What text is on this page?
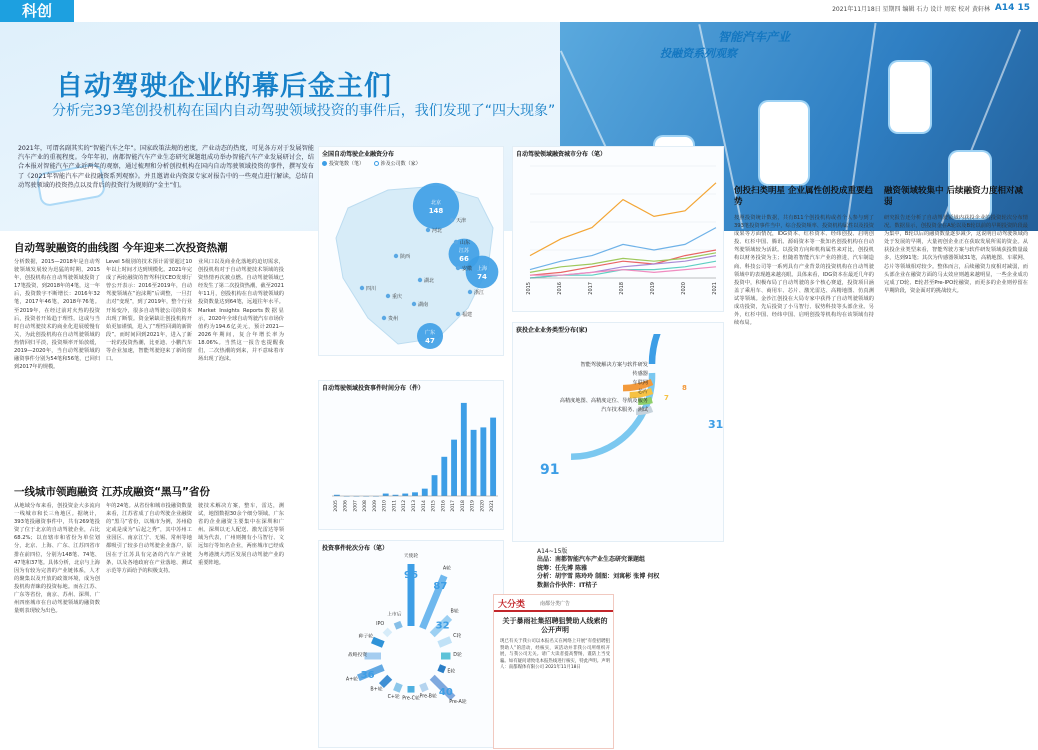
科创	2021年11月18日 星期四 编辑 石力 设计 周宏 校对 黄轩林 A14 15
智能汽车产业
投融资系列观察
自动驾驶企业的幕后金主们
分析完393笔创投机构在国内自动驾驶领域投资的事件后，我们发现了“四大现象”
2021年，可谓名副其实的“智能汽车之年”。国家政策法规的密度，产业动态的热度，可见各方对于发展智能汽车产业的重视程度。今年年初，南都智能汽车产业生态研究课题组成功举办智能汽车产业发展研讨会，结合本报对智能汽车产业近两年的观察，通过梳理和分析创投机构在国内自动驾驶领域投资的事件，撰写发布了《2021年智能汽车产业投融资系列观察》。并且邀请业内资深专家对报告中的一些观点进行解读，总结自动驾驶领域的投资热点以及背后的投资行为规则的“金主”们。
自动驾驶融资的曲线图 今年迎来二次投资热潮
分析数据，2015—2018年是自动驾驶领域发展较为迅猛的时期，2015年，创投机构在自动驾驶领域投资了17笔投资，到2018年的4笔，这一年后，投资数字不断增长：2016年32笔，2017年46笔，2018年76笔。至2019年，在经过前对火热的投资后，投资者开始趋于理性。这或与当时自动驾驶技术的商业化进展缓慢有关，为此创投机构在自动驾驶领域的热情回归平淡，投资频率开始放缓，2019—2020年，当自动驾驶领域的融资事件分别为54笔和56笔，已回归到2017年的规模。
Level 5级别的技术预计需要超过10年以上时间才达到规模化。2021年完成了两轮融资的智驾科技CEO发球厅曾公开表示：2016至2019年，自动驾驶领域在“泡沫期”后调整，一旦打击对“变现”，到了2019年，整个行业开始变冷，很多自动驾驶公司的资本出现了断裂。资金紧缺让创投机构开始更加谨慎，进入了“理性回调的新阶段”。而时间回到2021年，进入了新一轮的投资热潮，比亚迪、小鹏汽车等企业加速，智能驾驶迎来了新的窗口。
业风口以及商业化落地的迫切需求，创投机构对于自动驾驶技术领域的投资热情再次被点燃。自动驾驶领域已经发生了第二次投资热潮，截至2021年11月，创投机构在自动驾驶领域的投资数量达到64笔，远超往年水平。Market Insights Reports数据显示，2020年全球自动驾驶汽车市场价值约为194.6亿美元，预计2021—2026年期间，复合年增长率为18.06%。当然这一报告也提醒我们，二次热潮的到来，并不意味着市场出现了泡沫。
一线城市领跑融资 江苏成融资“黑马”省份
从地域分布来看，创投资金大多流向一线城市和长三角地区。据统计，393笔投融资事件中，共有269笔投资了位于北京的自动驾驶企业，占比68.2%；以直辖市和省份为单位划分，北京、上海、广东、江苏四省市排在前四位，分别为148笔、74笔、47笔和37笔。具体分析，北京与上海因为有较为完善的产业链体系，人才的聚集以及开放的政策环境，成为创投机构青睐的投资标地。而在江苏、广东等省份，南京、苏州、深圳、广州四座城市在自动驾驶领域的融资数量则表现较为出色。
年的24笔。从省份和城市投融资数量来看，江苏省成了自动驾驶企业融资的“黑马”省份，以城市为例，苏州稳定或是成为“后起之秀”，其中苏州工业园区、南京江宁、无锡、常州等地都吸引了较多自动驾驶企业落户，原因在于江苏具有完备的汽车产业链条，以及各地政府在产业落地、测试示范等方面给予的积极支持。
驶技术解决方案，整车，雷达，测试，地图数据30余个细分领域。广东省的企业融资主要集中在深圳和广州。深圳以无人配送、激光雷达等领域为代表，广州则拥有小马智行、文远知行等知名企业，两座城市已经成为粤港澳大湾区发展自动驾驶产业的重要阵地。
全国自动驾驶企业融资分布
投资笔数（笔）	涉及公司数（家）
北京
148
上海
74
广东
47
江苏
66
天津
河北
山东
陕西
安徽
四川
湖北
重庆
浙江
湖南
贵州
福建
自动驾驶领域投资事件时间分布（件）
2005 2006 2007 2008 2009 2010 2011 2012 2013 2014 2015 2016 2017 2018 2019 2020 2021
投资事件轮次分布（笔）
天使轮
96
A轮
87
B轮
32
C轮
D轮
E轮
Pre-A轮
40
Pre-B轮
Pre-C轮
C+轮
B+轮
A+轮 36
战略投资
种子轮
IPO
上市后
自动驾驶领域融资城市分布（笔）
2015	2016	2017	2018	2019	2020	2021
获投企业业务类型分布(家)
智能驾驶解决方案与软件研发
传感器
车联网
芯片
高精度地图、高精度定位、导航及服务
汽车技术服务、测试
91
31
8
7
A14~15版
出品：南都智能汽车产业生态研究课题组
统筹：任先博 陈雅
分析：胡宇雪 陈玲玲 制图：刘寓彬 张博 何权
数据合作伙伴：IT桔子
大分类	南都分类广告
关于暴雨社集招聘狙赞助人线索的公开声明
现已有关于我公司以本报名义在网络上开展“有偿招聘狙赞助人”的活动，经核实，该活动并非我公司所组织开展，与我公司无关。请广大读者提高警惕，谨防上当受骗。如有疑问请致电本报热线进行核实，特此声明。声明人：南都媒体有限公司 2021年11月18日
创投扫类明星 企业属性创投成重要趋势
按照投资统计数据，共有811个创投机构或者个人参与到了393笔投资事件当中，综合投资频率、投资机构属性以及投资成果等方面情况，IDG资本、红杉资本、经纬创投、启明创投、红杉中国、腾讯、源码资本等一批知名创投机构在自动驾驶领域较为活跃。以投资方向和机构属性来对比，创投机构以财务投资为主；但随着智能汽车产业的推进，汽车制造商、科技公司等一系列具有产业背景的投资机构在自动驾驶领域中的表现越来越亮眼。具体来看，IDG资本在最近几年的投资中，积极布局了自动驾驶的多个核心赛道，投资项目涵盖了乘用车、商用车、芯片、激光雷达、高精地图、仿真测试等领域。金沙江创投在大局专家中获得了自动驾驶领域的成功投资，先后投资了小马智行、驭势科技等头部企业。另外，红杉中国、经纬中国、启明创投等机构均在该领域有持续布局。
融资领域较集中 后续融资力度相对减弱
研究报告还分析了自动驾驶领域内获投企业的投资轮次分布情况。数据显示，创投资金在A轮以及B轮以前的早期投资阶段最为集中，B轮以后的融资数量逐步减少，这说明自动驾驶领域尚处于发展的早期，大量初创企业正在获取发展所需的资金。从获投企业类型来看，智能驾驶方案与软件研发领域获投数量最多，达到91笔；其次为传感器领域31笔，高精地图、车联网、芯片等领域相对较少。整体而言，后续融资力度相对减弱，而头部企业在融资方面的马太效应则越来越明显，一些企业成功完成了D轮、E轮甚至Pre-IPO轮融资，而更多的企业则停留在早期阶段，资金面对的挑战较大。
